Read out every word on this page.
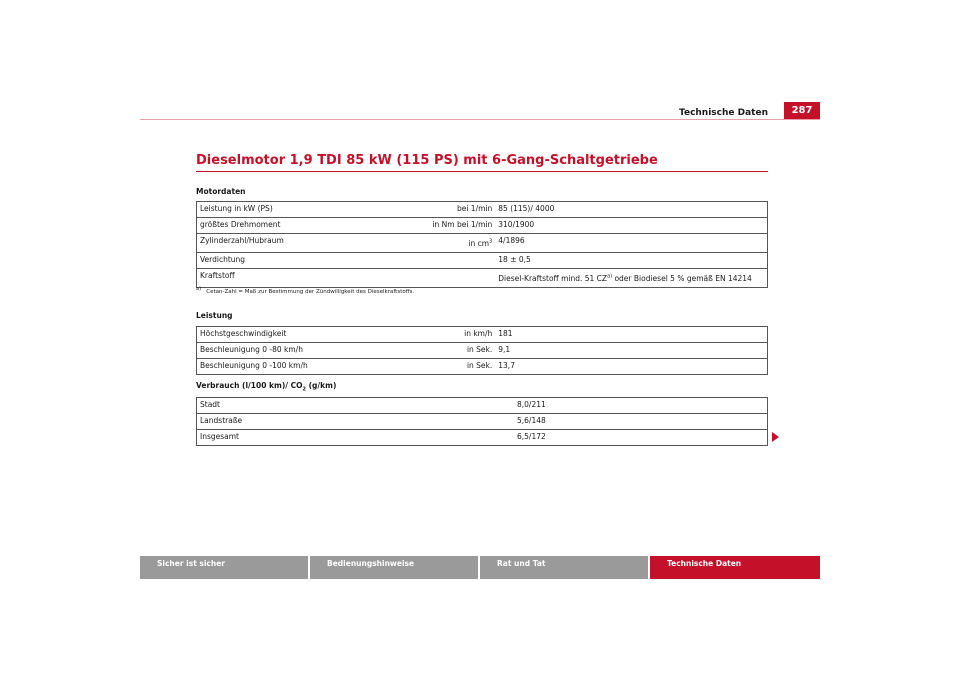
Technische Daten	287
Dieselmotor 1,9 TDI 85 kW (115 PS) mit 6-Gang-Schaltgetriebe
Motordaten
Leistung in kW (PS)	bei 1/min	85 (115)/ 4000
größtes Drehmoment	in Nm bei 1/min	310/1900
Zylinderzahl/Hubraum	in $cm^3$	4/1896
Verdichtung		18 ± 0,5
Kraftstoff		Diesel-Kraftstoff mind. 51 CZ$^{a)}$ oder Biodiesel 5 % gemäß EN 14214
$^{a)}$ Cetan-Zahl = Maß zur Bestimmung der Zündwilligkeit des Dieselkraftstoffs.
Leistung
Höchstgeschwindigkeit	in km/h	181
Beschleunigung 0 -80 km/h	in Sek.	9,1
Beschleunigung 0 -100 km/h	in Sek.	13,7
Verbrauch (l/100 km)/ $CO_2$ (g/km)
Stadt	8,0/211
Landstraße	5,6/148
Insgesamt	6,5/172
Sicher ist sicher	Bedienungshinweise	Rat und Tat	Technische Daten
